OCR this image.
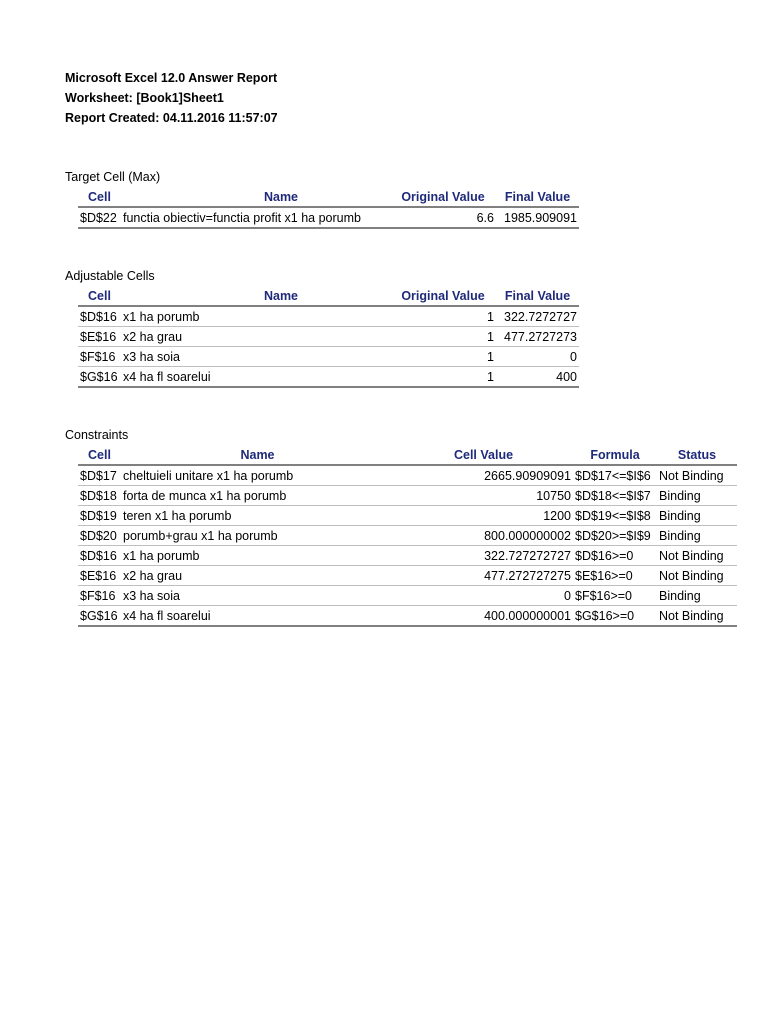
Microsoft Excel 12.0 Answer Report
Worksheet: [Book1]Sheet1
Report Created: 04.11.2016 11:57:07
Target Cell (Max)
Cell	Name	Original Value	Final Value
$D$22	functia obiectiv=functia profit x1 ha porumb	6.6	1985.909091
Adjustable Cells
Cell	Name	Original Value	Final Value
$D$16	x1 ha porumb	1	322.7272727
$E$16	x2 ha grau	1	477.2727273
$F$16	x3 ha soia	1	0
$G$16	x4 ha fl soarelui	1	400
Constraints
Cell	Name	Cell Value	Formula	Status
$D$17	cheltuieli unitare x1 ha porumb	2665.90909091	$D$17<=$I$6	Not Binding
$D$18	forta de munca x1 ha porumb	10750	$D$18<=$I$7	Binding
$D$19	teren x1 ha porumb	1200	$D$19<=$I$8	Binding
$D$20	porumb+grau x1 ha porumb	800.000000002	$D$20>=$I$9	Binding
$D$16	x1 ha porumb	322.727272727	$D$16>=0	Not Binding
$E$16	x2 ha grau	477.272727275	$E$16>=0	Not Binding
$F$16	x3 ha soia	0	$F$16>=0	Binding
$G$16	x4 ha fl soarelui	400.000000001	$G$16>=0	Not Binding
